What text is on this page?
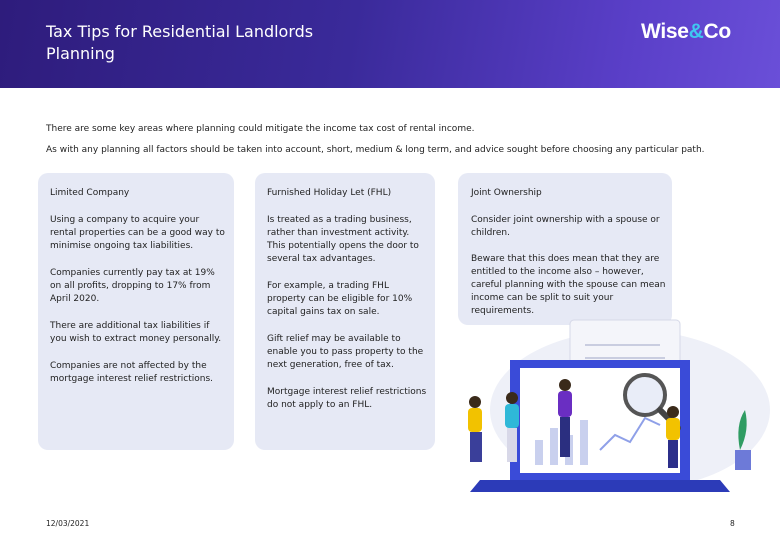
Tax Tips for Residential Landlords
Planning
Wise&Co
There are some key areas where planning could mitigate the income tax cost of rental income.
As with any planning all factors should be taken into account, short, medium & long term, and advice sought before choosing any particular path.
Limited Company
Using a company to acquire your rental properties can be a good way to minimise ongoing tax liabilities.
Companies currently pay tax at 19% on all profits, dropping to 17% from April 2020.
There are additional tax liabilities if you wish to extract money personally.
Companies are not affected by the mortgage interest relief restrictions.
Furnished Holiday Let (FHL)
Is treated as a trading business, rather than investment activity. This potentially opens the door to several tax advantages.
For example, a trading FHL property can be eligible for 10% capital gains tax on sale.
Gift relief may be available to enable you to pass property to the next generation, free of tax.
Mortgage interest relief restrictions do not apply to an FHL.
Joint Ownership
Consider joint ownership with a spouse or children.
Beware that this does mean that they are entitled to the income also – however, careful planning with the spouse can mean income can be split to suit your requirements.
12/03/2021	8
